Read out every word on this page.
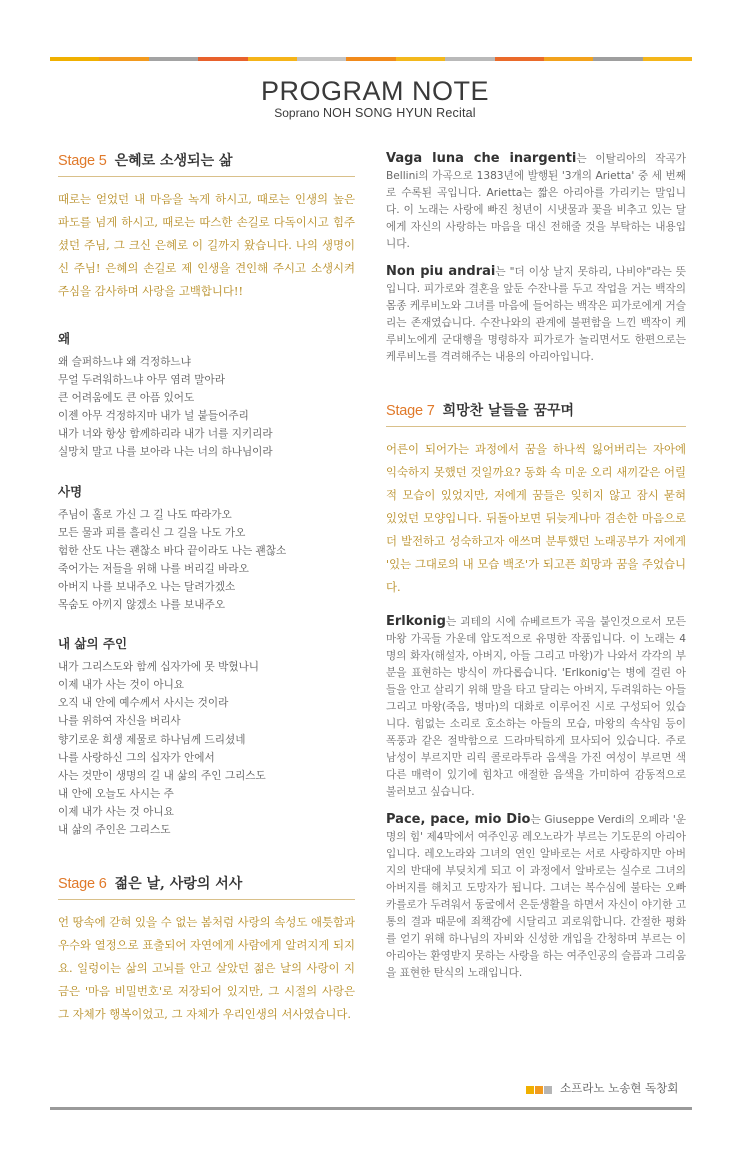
PROGRAM NOTE
Soprano NOH SONG HYUN Recital
Stage 5 은혜로 소생되는 삶

때로는 얻었던 내 마음을 녹게 하시고, 때로는 인생의 높은 파도를 넘게 하시고, 때로는 따스한 손길로 다독이시고 힘주셨던 주님, 그 크신 은혜로 이 길까지 왔습니다. 나의 생명이신 주님! 은혜의 손길로 제 인생을 견인해 주시고 소생시켜 주심을 감사하며 사랑을 고백합니다!!

왜

왜 슬퍼하느냐 왜 걱정하느냐
무얼 두려워하느냐 아무 염려 말아라
큰 어려움에도 큰 아픔 있어도
이젠 아무 걱정하지마 내가 널 붙들어주리
내가 너와 항상 함께하리라 내가 너를 지키리라
실망치 말고 나를 보아라 나는 너의 하나님이라

사명

주님이 홀로 가신 그 길 나도 따라가오
모든 물과 피를 흘리신 그 길을 나도 가오
험한 산도 나는 괜찮소 바다 끝이라도 나는 괜찮소
죽어가는 저들을 위해 나를 버리길 바라오
아버지 나를 보내주오 나는 달려가겠소
목숨도 아끼지 않겠소 나를 보내주오

내 삶의 주인

내가 그리스도와 함께 십자가에 못 박혔나니
이제 내가 사는 것이 아니요
오직 내 안에 예수께서 사시는 것이라
나를 위하여 자신을 버리사
향기로운 희생 제물로 하나님께 드리셨네
나를 사랑하신 그의 십자가 안에서
사는 것만이 생명의 길 내 삶의 주인 그리스도
내 안에 오늘도 사시는 주
이제 내가 사는 것 아니요
내 삶의 주인은 그리스도
Stage 6 젊은 날, 사랑의 서사

언 땅속에 갇혀 있을 수 없는 봄처럼 사랑의 속성도 애틋함과 우수와 열정으로 표출되어 자연에게 사람에게 알려지게 되지요. 일렁이는 삶의 고뇌를 안고 살았던 젊은 날의 사랑이 지금은 '마음 비밀번호'로 저장되어 있지만, 그 시절의 사랑은 그 자체가 행복이었고, 그 자체가 우리인생의 서사였습니다.

Vaga luna che inargenti는 이탈리아의 작곡가 Bellini의 가곡으로 1383년에 발행된 '3개의 Arietta' 중 세 번째로 수록된 곡입니다. Arietta는 짧은 아리아를 가리키는 말입니다. 이 노래는 사랑에 빠진 청년이 시냇물과 꽃을 비추고 있는 달에게 자신의 사랑하는 마음을 대신 전해줄 것을 부탁하는 내용입니다.

Non piu andrai는 "더 이상 날지 못하리, 나비야"라는 뜻입니다. 피가로와 결혼을 앞둔 수잔나를 두고 작업을 거는 백작의 몸종 케루비노와 그녀를 마음에 들어하는 백작은 피가로에게 거슬리는 존재였습니다. 수잔나와의 관계에 불편함을 느낀 백작이 케루비노에게 군대행을 명령하자 피가로가 놀리면서도 한편으로는 케루비노를 격려해주는 내용의 아리아입니다.

Stage 7 희망찬 날들을 꿈꾸며

어른이 되어가는 과정에서 꿈을 하나씩 잃어버리는 자아에 익숙하지 못했던 것일까요? 동화 속 미운 오리 새끼같은 어릴 적 모습이 있었지만, 저에게 꿈들은 잊히지 않고 잠시 묻혀 있었던 모양입니다. 뒤돌아보면 뒤늦게나마 겸손한 마음으로 더 발전하고 성숙하고자 애쓰며 분투했던 노래공부가 저에게 '있는 그대로의 내 모습 백조'가 되고픈 희망과 꿈을 주었습니다.

Erlkonig는 괴테의 시에 슈베르트가 곡을 붙인것으로서 모든 마왕 가곡들 가운데 압도적으로 유명한 작품입니다. 이 노래는 4명의 화자(해설자, 아버지, 아들 그리고 마왕)가 나와서 각각의 부분을 표현하는 방식이 까다롭습니다. 'Erlkonig'는 병에 걸린 아들을 안고 살리기 위해 말을 타고 달리는 아버지, 두려워하는 아들 그리고 마왕(죽음, 병마)의 대화로 이루어진 시로 구성되어 있습니다. 힘없는 소리로 호소하는 아들의 모습, 마왕의 속삭임 등이 폭풍과 같은 절박함으로 드라마틱하게 묘사되어 있습니다. 주로 남성이 부르지만 리릭 콜로라투라 음색을 가진 여성이 부르면 색다른 매력이 있기에 힘차고 애절한 음색을 가미하여 감동적으로 불러보고 싶습니다.

Pace, pace, mio Dio는 Giuseppe Verdi의 오페라 '운명의 힘' 제4막에서 여주인공 레오노라가 부르는 기도문의 아리아입니다. 레오노라와 그녀의 연인 알바로는 서로 사랑하지만 아버지의 반대에 부딪치게 되고 이 과정에서 알바로는 실수로 그녀의 아버지를 해치고 도망자가 됩니다. 그녀는 복수심에 불타는 오빠 카를로가 두려워서 동굴에서 은둔생활을 하면서 자신이 야기한 고통의 결과 때문에 죄책감에 시달리고 괴로워합니다. 간절한 평화를 얻기 위해 하나님의 자비와 신성한 개입을 간청하며 부르는 이 아리아는 환영받지 못하는 사랑을 하는 여주인공의 슬픔과 그리움을 표현한 탄식의 노래입니다.

소프라노 노송현 독창회
